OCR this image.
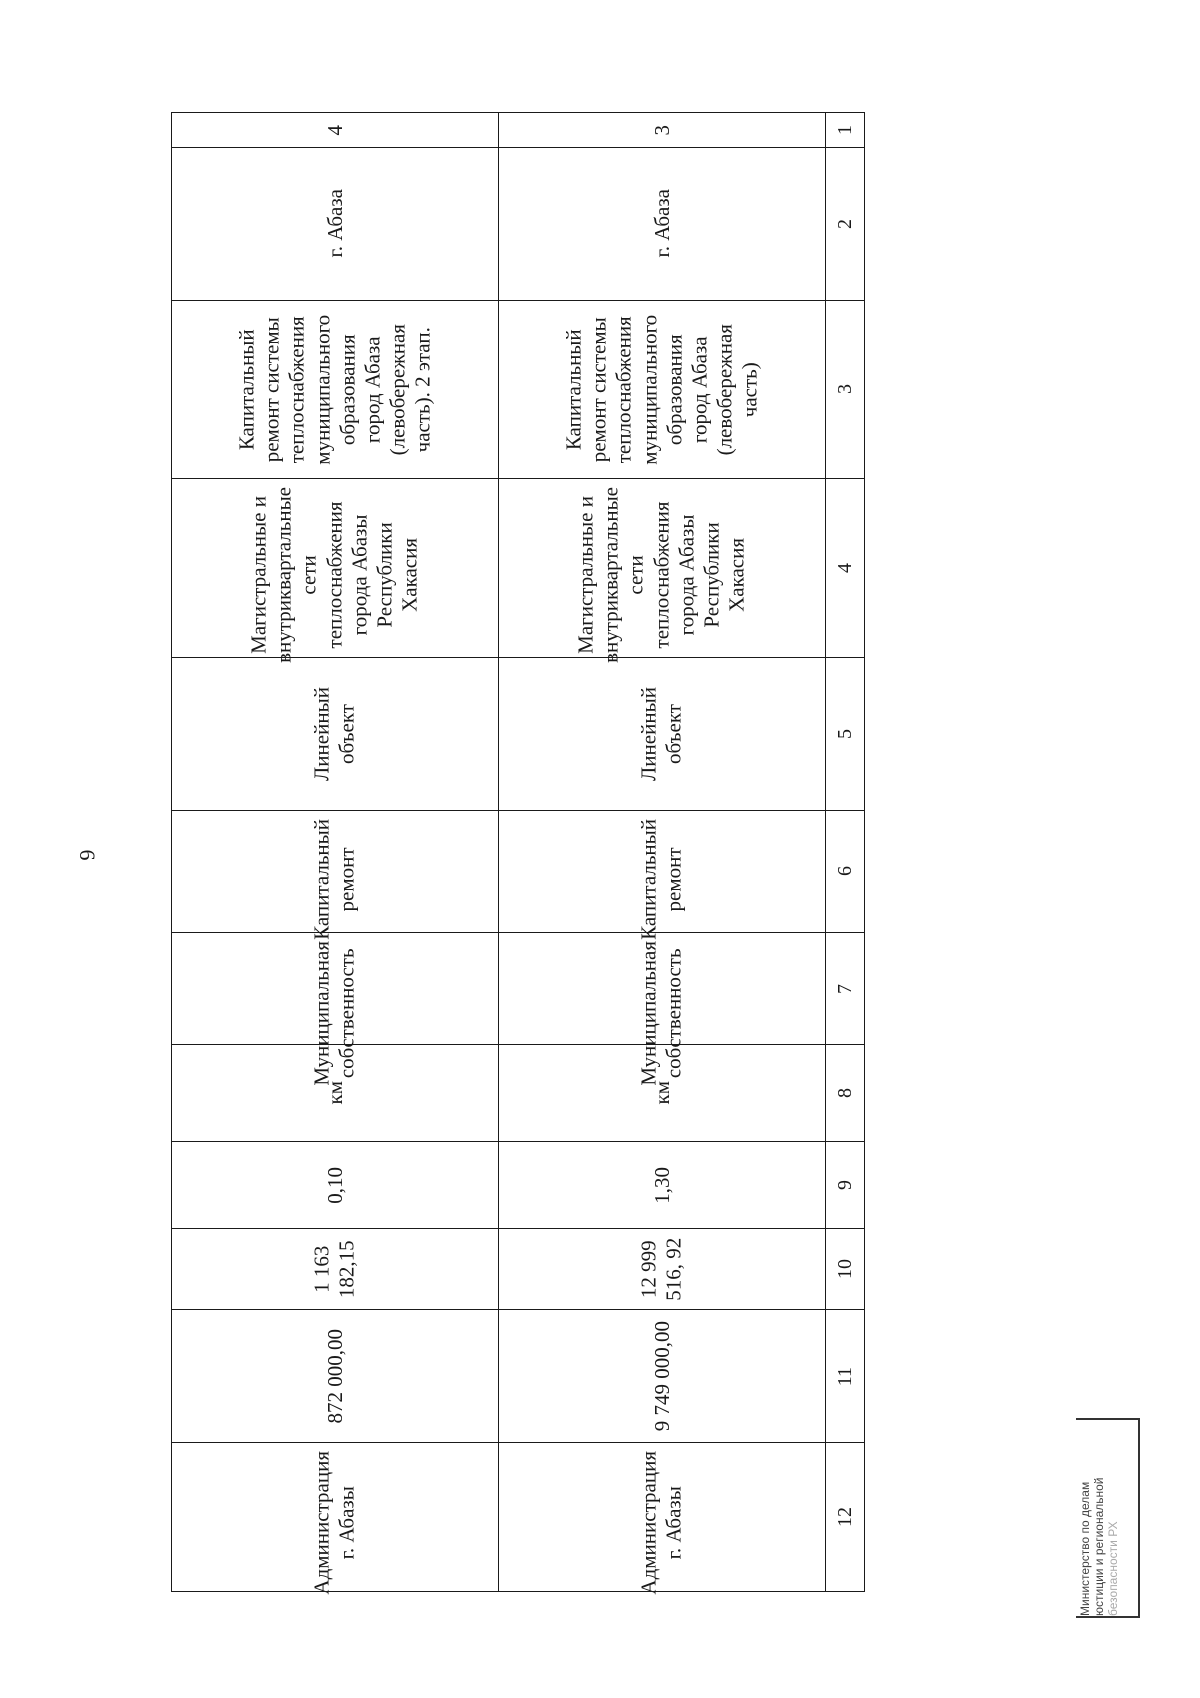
6
1	2	3	4	5	6	7	8	9	10	11	12
3	г. Абаза	Капитальный ремонт системы теплоснабжения муниципального образования город Абаза (левобережная часть)	Магистральные и внутриквартальные сети теплоснабжения города Абазы Республики Хакасия	Линейный объект	Капитальный ремонт	Муниципальная собственность	км	1,30	12 999 516, 92	9 749 000,00	Администрация г. Абазы
4	г. Абаза	Капитальный ремонт системы теплоснабжения муниципального образования город Абаза (левобережная часть). 2 этап.	Магистральные и внутриквартальные сети теплоснабжения города Абазы Республики Хакасия	Линейный объект	Капитальный ремонт	Муниципальная собственность	км	0,10	1 163 182,15	872 000,00	Администрация г. Абазы	Министерство по делам юстиции и региональной безопасности РХ
